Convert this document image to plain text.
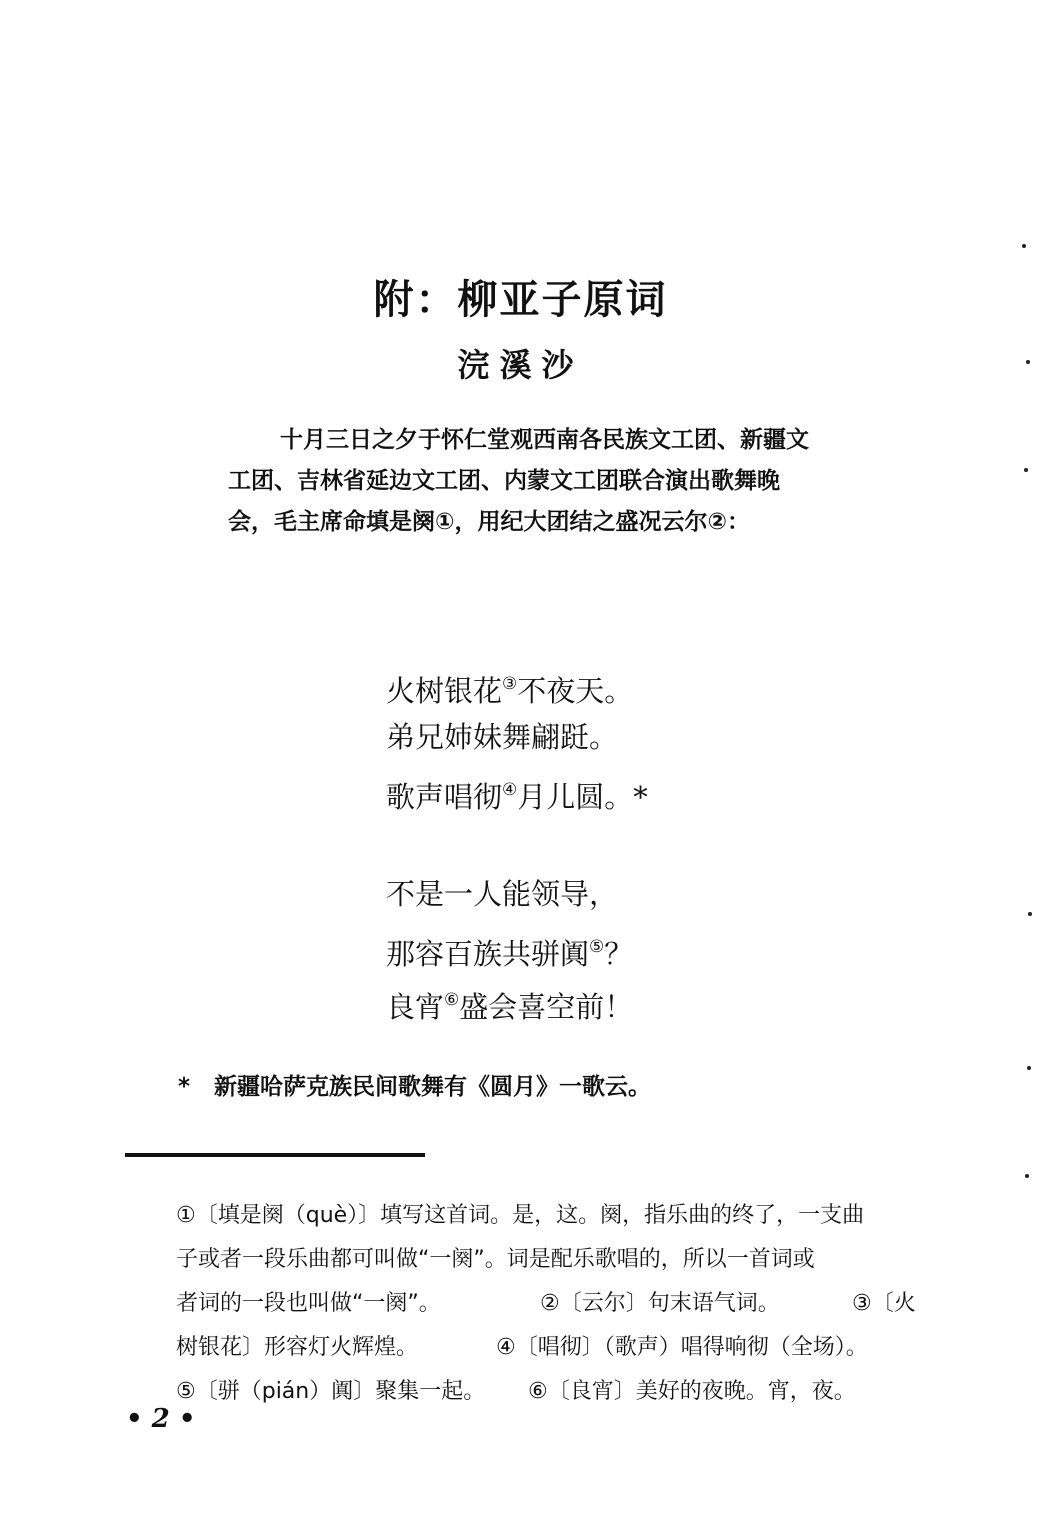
附：柳亚子原词
浣溪沙
十月三日之夕于怀仁堂观西南各民族文工团、新疆文工团、吉林省延边文工团、内蒙文工团联合演出歌舞晚会，毛主席命填是阕①，用纪大团结之盛况云尔②：
火树银花③不夜天。
弟兄姉妹舞翩跹。
歌声唱彻④月儿圆。*
不是一人能领导，
那容百族共骈阗⑤？
良宵⑥盛会喜空前！
* 新疆哈萨克族民间歌舞有《圆月》一歌云。
①〔填是阕（què）〕填写这首词。是，这。阕，指乐曲的终了，一支曲
子或者一段乐曲都可叫做“一阕”。词是配乐歌唱的，所以一首词或
者词的一段也叫做“一阕”。	②〔云尔〕句末语气词。	③〔火
树银花〕形容灯火辉煌。	④〔唱彻〕（歌声）唱得响彻（全场）。
⑤〔骈（pián）阗〕聚集一起。 ⑥〔良宵〕美好的夜晚。宵，夜。
• 2 •
